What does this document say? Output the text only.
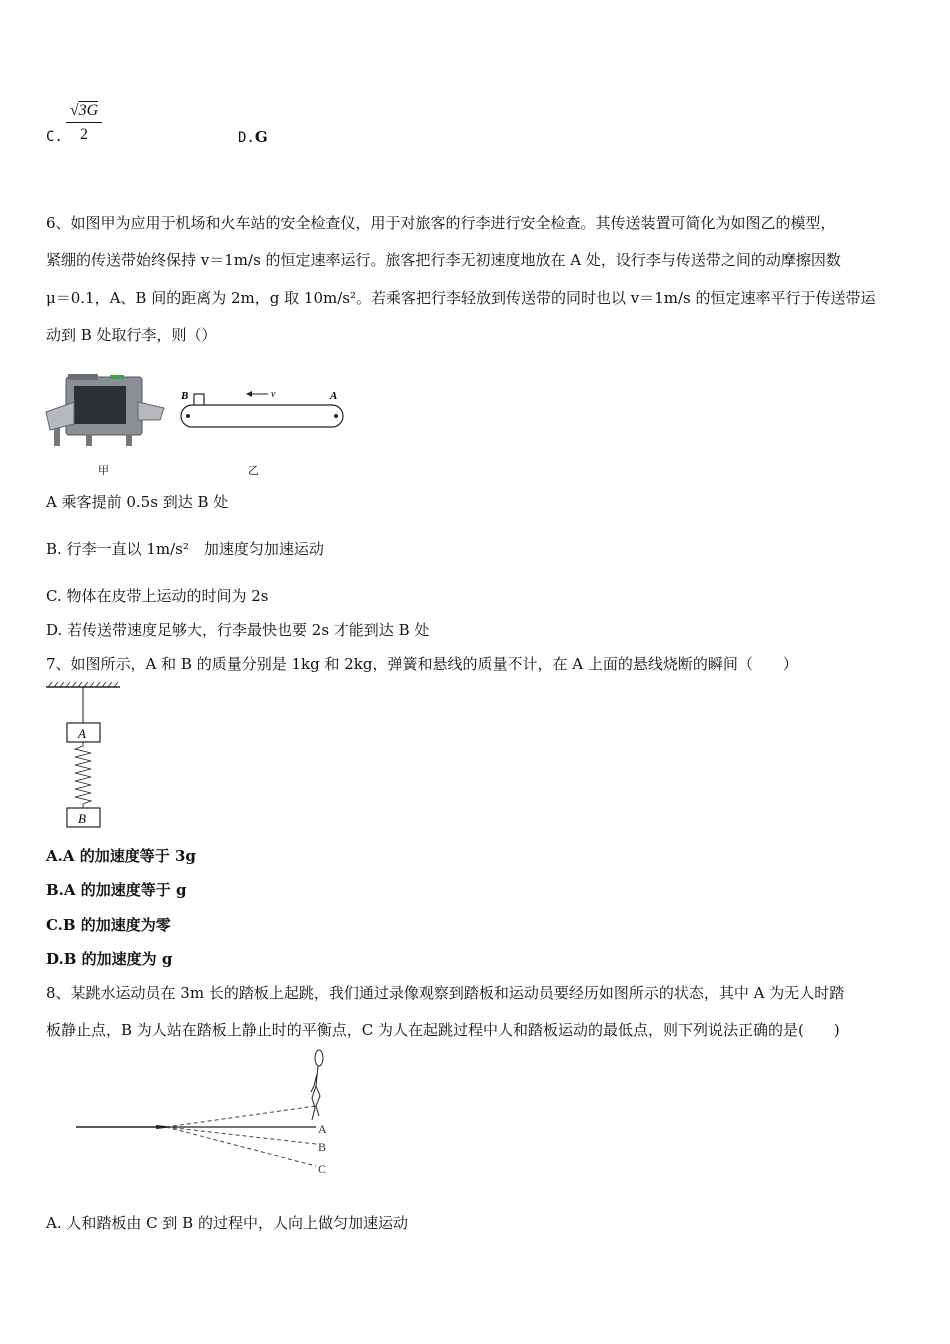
C.
√3G
2	D.G
6、如图甲为应用于机场和火车站的安全检查仪，用于对旅客的行李进行安全检查。其传送装置可简化为如图乙的模型，
紧绷的传送带始终保持 v＝1m/s 的恒定速率运行。旅客把行李无初速度地放在 A 处，设行李与传送带之间的动摩擦因数
μ＝0.1，A、B 间的距离为 2m，g 取 10m/s²。若乘客把行李轻放到传送带的同时也以 v＝1m/s 的恒定速率平行于传送带运
动到 B 处取行李，则（）
甲
B	A
v
乙
A 乘客提前 0.5s 到达 B 处
B. 行李一直以 1m/s²　加速度匀加速运动
C. 物体在皮带上运动的时间为 2s
D. 若传送带速度足够大，行李最快也要 2s 才能到达 B 处
7、如图所示，A 和 B 的质量分别是 1kg 和 2kg，弹簧和悬线的质量不计，在 A 上面的悬线烧断的瞬间（　　）
A
B
A.A 的加速度等于 3g
B.A 的加速度等于 g
C.B 的加速度为零
D.B 的加速度为 g
8、某跳水运动员在 3m 长的踏板上起跳，我们通过录像观察到踏板和运动员要经历如图所示的状态，其中 A 为无人时踏
板静止点，B 为人站在踏板上静止时的平衡点，C 为人在起跳过程中人和踏板运动的最低点，则下列说法正确的是(　　)
A
B
C
A. 人和踏板由 C 到 B 的过程中，人向上做匀加速运动
